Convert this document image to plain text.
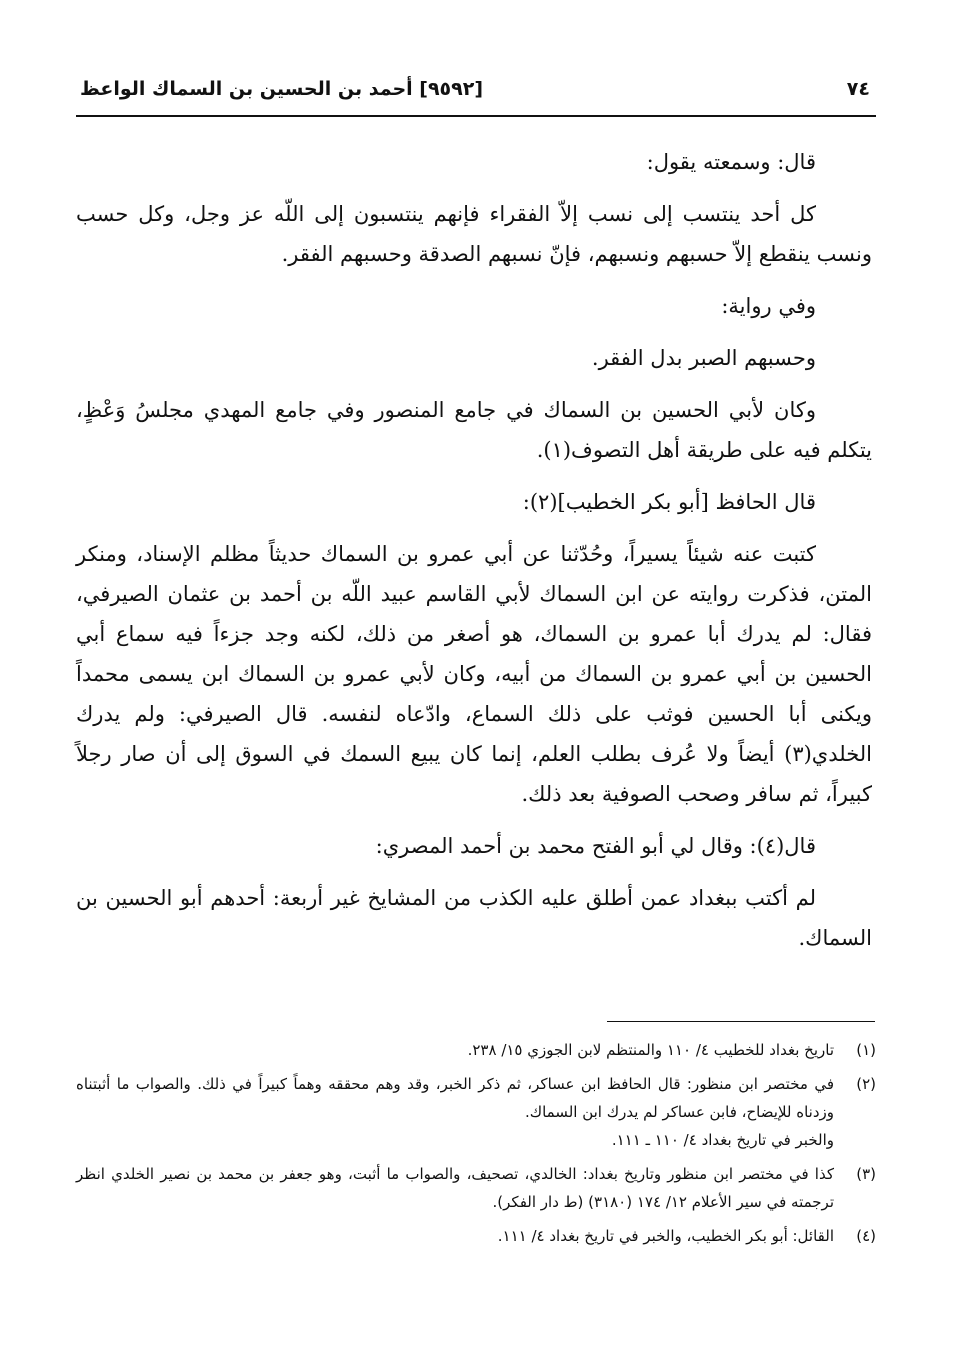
٧٤
[٩٥٩٢] أحمد بن الحسين بن السماك الواعظ

قال: وسمعته يقول:

كل أحد ينتسب إلى نسب إلاّ الفقراء فإنهم ينتسبون إلى اللّه عز وجل، وكل حسب ونسب ينقطع إلاّ حسبهم ونسبهم، فإنّ نسبهم الصدقة وحسبهم الفقر.

وفي رواية:

وحسبهم الصبر بدل الفقر.

وكان لأبي الحسين بن السماك في جامع المنصور وفي جامع المهدي مجلسُ وَعْظٍ، يتكلم فيه على طريقة أهل التصوف(١).

قال الحافظ [أبو بكر الخطيب](٢):

كتبت عنه شيئاً يسيراً، وحُدّثنا عن أبي عمرو بن السماك حديثاً مظلم الإسناد، ومنكر المتن، فذكرت روايته عن ابن السماك لأبي القاسم عبيد اللّه بن أحمد بن عثمان الصيرفي، فقال: لم يدرك أبا عمرو بن السماك، هو أصغر من ذلك، لكنه وجد جزءاً فيه سماع أبي الحسين بن أبي عمرو بن السماك من أبيه، وكان لأبي عمرو بن السماك ابن يسمى محمداً ويكنى أبا الحسين فوثب على ذلك السماع، وادّعاه لنفسه. قال الصيرفي: ولم يدرك الخلدي(٣) أيضاً ولا عُرف بطلب العلم، إنما كان يبيع السمك في السوق إلى أن صار رجلاً كبيراً، ثم سافر وصحب الصوفية بعد ذلك.

قال(٤): وقال لي أبو الفتح محمد بن أحمد المصري:

لم أكتب ببغداد عمن أطلق عليه الكذب من المشايخ غير أربعة: أحدهم أبو الحسين بن السماك.

(١)
تاريخ بغداد للخطيب ٤/ ١١٠ والمنتظم لابن الجوزي ١٥/ ٢٣٨.
(٢)
في مختصر ابن منظور: قال الحافظ ابن عساكر، ثم ذكر الخبر، وقد وهم محققه وهماً كبيراً في ذلك. والصواب ما أثبتناه وزدناه للإيضاح، فابن عساكر لم يدرك ابن السماك.
والخبر في تاريخ بغداد ٤/ ١١٠ ـ ١١١.
(٣)
كذا في مختصر ابن منظور وتاريخ بغداد: الخالدي، تصحيف، والصواب ما أثبت، وهو جعفر بن محمد بن نصير الخلدي انظر ترجمته في سير الأعلام ١٢/ ١٧٤ (٣١٨٠) (ط دار الفكر).
(٤)
القائل: أبو بكر الخطيب، والخبر في تاريخ بغداد ٤/ ١١١.
